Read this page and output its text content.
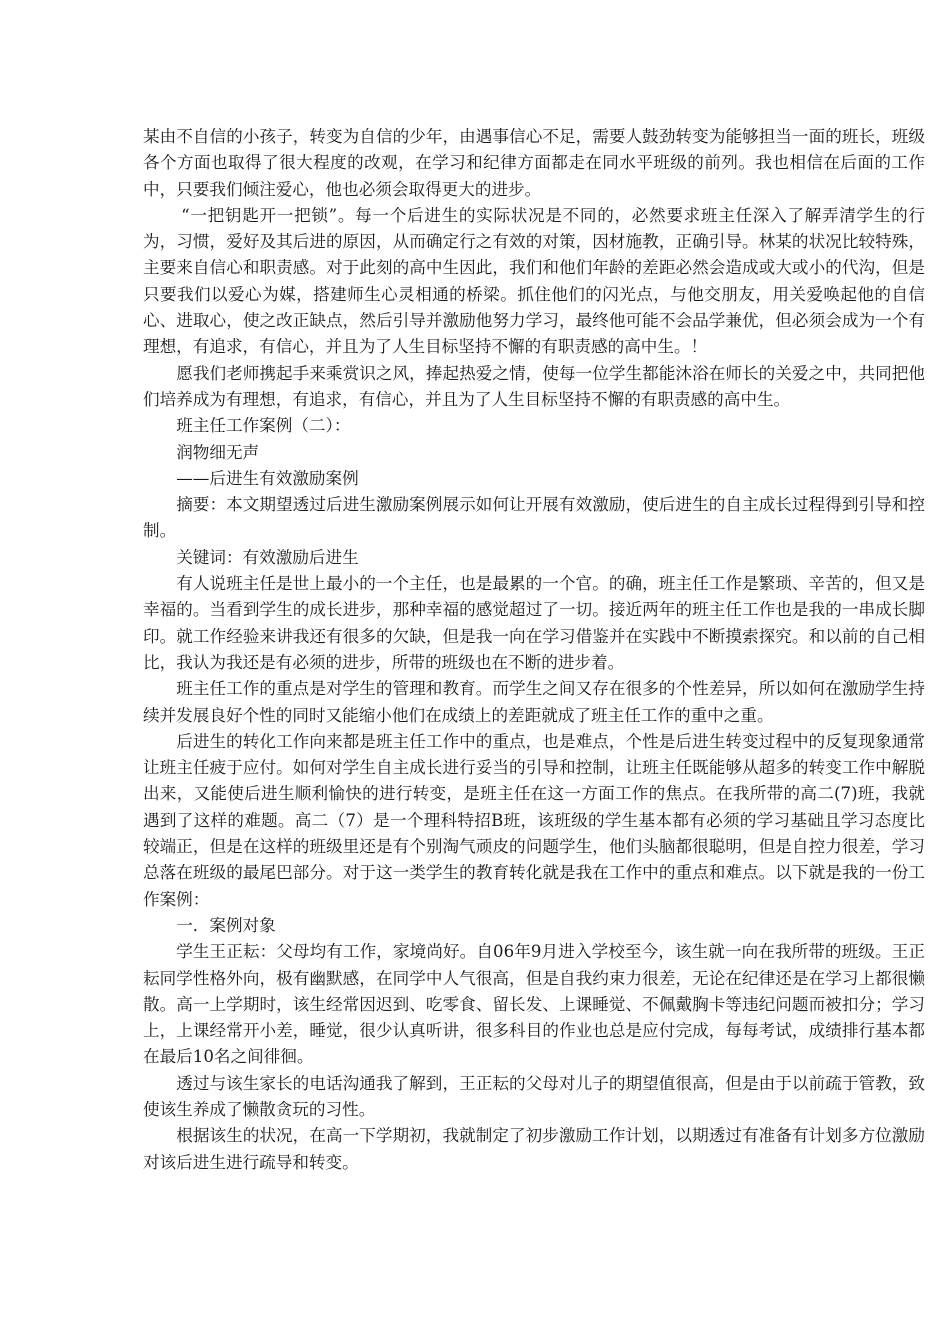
某由不自信的小孩子，转变为自信的少年，由遇事信心不足，需要人鼓劲转变为能够担当一面的班长，班级各个方面也取得了很大程度的改观，在学习和纪律方面都走在同水平班级的前列。我也相信在后面的工作中，只要我们倾注爱心，他也必须会取得更大的进步。

“一把钥匙开一把锁”。每一个后进生的实际状况是不同的，必然要求班主任深入了解弄清学生的行为，习惯，爱好及其后进的原因，从而确定行之有效的对策，因材施教，正确引导。林某的状况比较特殊，主要来自信心和职责感。对于此刻的高中生因此，我们和他们年龄的差距必然会造成或大或小的代沟，但是只要我们以爱心为媒，搭建师生心灵相通的桥梁。抓住他们的闪光点，与他交朋友，用关爱唤起他的自信心、进取心，使之改正缺点，然后引导并激励他努力学习，最终他可能不会品学兼优，但必须会成为一个有理想，有追求，有信心，并且为了人生目标坚持不懈的有职责感的高中生。！

愿我们老师携起手来乘赏识之风，捧起热爱之情，使每一位学生都能沐浴在师长的关爱之中，共同把他们培养成为有理想，有追求，有信心，并且为了人生目标坚持不懈的有职责感的高中生。

班主任工作案例（二）：

润物细无声

——后进生有效激励案例

摘要：本文期望透过后进生激励案例展示如何让开展有效激励，使后进生的自主成长过程得到引导和控制。

关键词：有效激励后进生

有人说班主任是世上最小的一个主任，也是最累的一个官。的确，班主任工作是繁琐、辛苦的，但又是幸福的。当看到学生的成长进步，那种幸福的感觉超过了一切。接近两年的班主任工作也是我的一串成长脚印。就工作经验来讲我还有很多的欠缺，但是我一向在学习借鉴并在实践中不断摸索探究。和以前的自己相比，我认为我还是有必须的进步，所带的班级也在不断的进步着。

班主任工作的重点是对学生的管理和教育。而学生之间又存在很多的个性差异，所以如何在激励学生持续并发展良好个性的同时又能缩小他们在成绩上的差距就成了班主任工作的重中之重。

后进生的转化工作向来都是班主任工作中的重点，也是难点，个性是后进生转变过程中的反复现象通常让班主任疲于应付。如何对学生自主成长进行妥当的引导和控制，让班主任既能够从超多的转变工作中解脱出来，又能使后进生顺利愉快的进行转变，是班主任在这一方面工作的焦点。在我所带的高二(7)班，我就遇到了这样的难题。高二（7）是一个理科特招B班，该班级的学生基本都有必须的学习基础且学习态度比较端正，但是在这样的班级里还是有个别淘气顽皮的问题学生，他们头脑都很聪明，但是自控力很差，学习总落在班级的最尾巴部分。对于这一类学生的教育转化就是我在工作中的重点和难点。以下就是我的一份工作案例：

一．案例对象

学生王正耘：父母均有工作，家境尚好。自06年9月进入学校至今，该生就一向在我所带的班级。王正耘同学性格外向，极有幽默感，在同学中人气很高，但是自我约束力很差，无论在纪律还是在学习上都很懒散。高一上学期时，该生经常因迟到、吃零食、留长发、上课睡觉、不佩戴胸卡等违纪问题而被扣分；学习上，上课经常开小差，睡觉，很少认真听讲，很多科目的作业也总是应付完成，每每考试，成绩排行基本都在最后10名之间徘徊。

透过与该生家长的电话沟通我了解到，王正耘的父母对儿子的期望值很高，但是由于以前疏于管教，致使该生养成了懒散贪玩的习性。

根据该生的状况，在高一下学期初，我就制定了初步激励工作计划，以期透过有准备有计划多方位激励对该后进生进行疏导和转变。
